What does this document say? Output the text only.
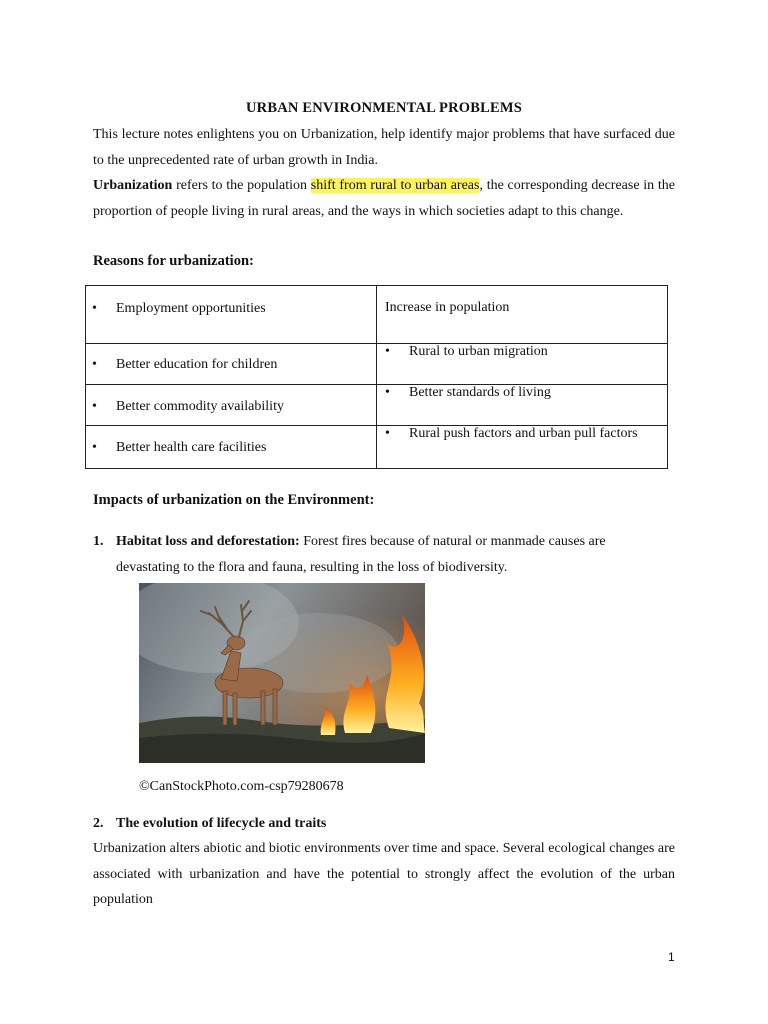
URBAN ENVIRONMENTAL PROBLEMS
This lecture notes enlightens you on Urbanization, help identify major problems that have surfaced due to the unprecedented rate of urban growth in India.
Urbanization refers to the population shift from rural to urban areas, the corresponding decrease in the proportion of people living in rural areas, and the ways in which societies adapt to this change.
Reasons for urbanization:
• Employment opportunities	Increase in population

• Better education for children	• Rural to urban migration

• Better commodity availability	• Better standards of living

• Better health care facilities	• Rural push factors and urban pull factors
Impacts of urbanization on the Environment:
1. Habitat loss and deforestation: Forest fires because of natural or manmade causes are
devastating to the flora and fauna, resulting in the loss of biodiversity.
©CanStockPhoto.com-csp79280678
2. The evolution of lifecycle and traits
Urbanization alters abiotic and biotic environments over time and space. Several ecological changes are associated with urbanization and have the potential to strongly affect the evolution of the urban population
1
